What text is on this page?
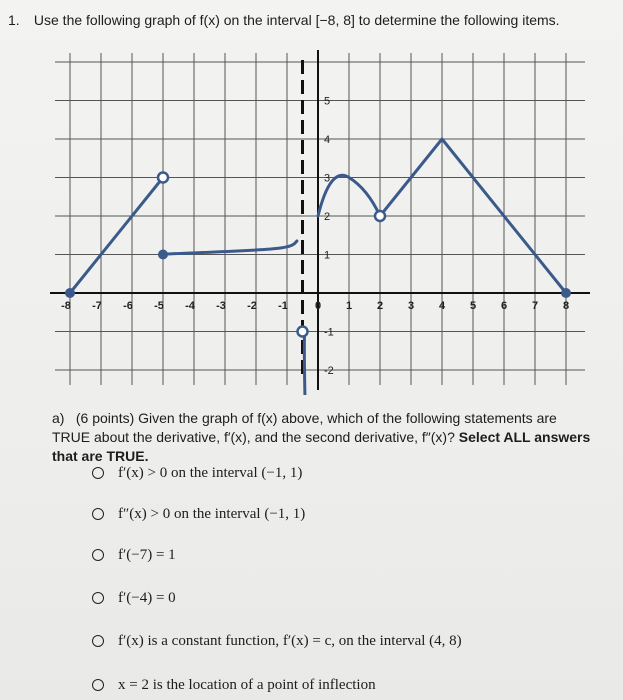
1. Use the following graph of f(x) on the interval [−8, 8] to determine the following items.
-8 -7 -6 -5 -4 -3 -2 -1 0 1 2 3 4 5 6 7 8
5
4
3
2
1
-1
-2
a) (6 points) Given the graph of f(x) above, which of the following statements are TRUE about the derivative, f′(x), and the second derivative, f″(x)? Select ALL answers that are TRUE.
f′(x) > 0 on the interval (−1, 1)
f″(x) > 0 on the interval (−1, 1)
f′(−7) = 1
f′(−4) = 0
f′(x) is a constant function, f′(x) = c, on the interval (4, 8)
x = 2 is the location of a point of inflection
